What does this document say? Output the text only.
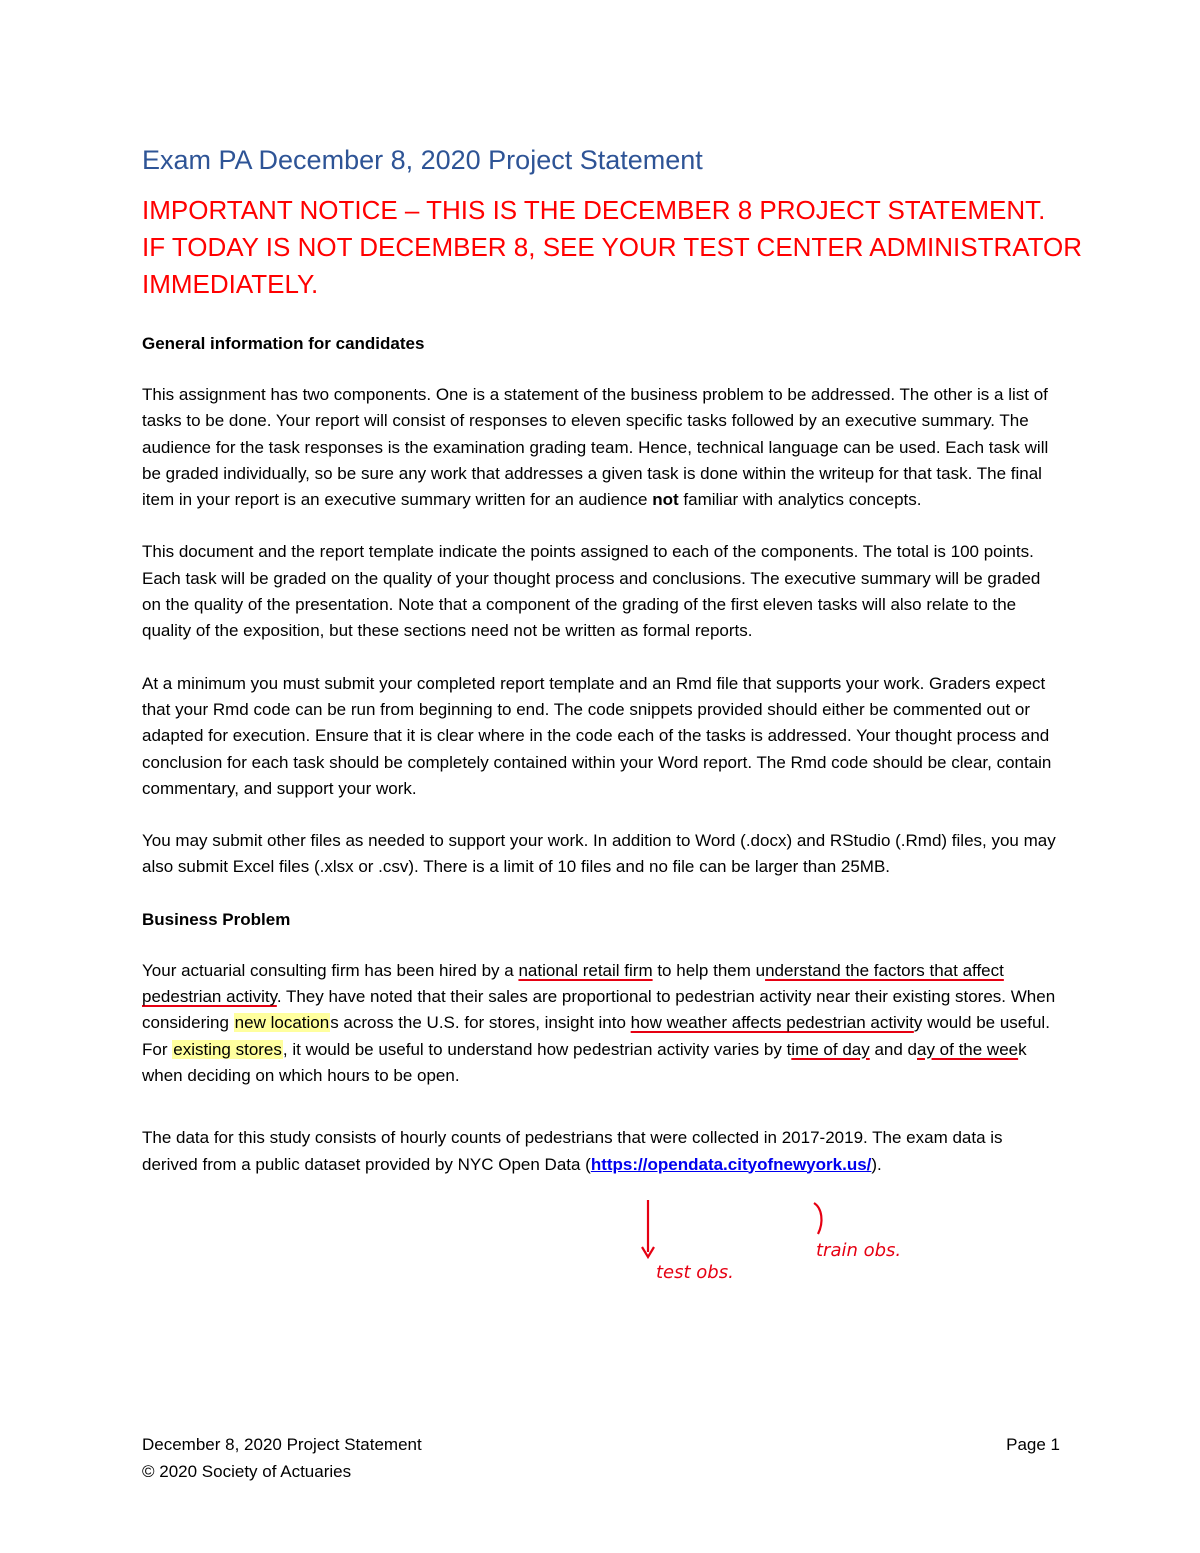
Exam PA December 8, 2020 Project Statement
IMPORTANT NOTICE – THIS IS THE DECEMBER 8 PROJECT STATEMENT.
IF TODAY IS NOT DECEMBER 8, SEE YOUR TEST CENTER ADMINISTRATOR
IMMEDIATELY.
General information for candidates

This assignment has two components. One is a statement of the business problem to be addressed. The other is a list of tasks to be done. Your report will consist of responses to eleven specific tasks followed by an executive summary. The audience for the task responses is the examination grading team. Hence, technical language can be used. Each task will be graded individually, so be sure any work that addresses a given task is done within the writeup for that task. The final item in your report is an executive summary written for an audience not familiar with analytics concepts.

This document and the report template indicate the points assigned to each of the components. The total is 100 points. Each task will be graded on the quality of your thought process and conclusions. The executive summary will be graded on the quality of the presentation. Note that a component of the grading of the first eleven tasks will also relate to the quality of the exposition, but these sections need not be written as formal reports.

At a minimum you must submit your completed report template and an Rmd file that supports your work. Graders expect that your Rmd code can be run from beginning to end. The code snippets provided should either be commented out or adapted for execution. Ensure that it is clear where in the code each of the tasks is addressed. Your thought process and conclusion for each task should be completely contained within your Word report. The Rmd code should be clear, contain commentary, and support your work.

You may submit other files as needed to support your work. In addition to Word (.docx) and RStudio (.Rmd) files, you may also submit Excel files (.xlsx or .csv). There is a limit of 10 files and no file can be larger than 25MB.

Business Problem

Your actuarial consulting firm has been hired by a national retail firm to help them understand the factors that affect pedestrian activity. They have noted that their sales are proportional to pedestrian activity near their existing stores. When considering new locations across the U.S. for stores, insight into how weather affects pedestrian activity would be useful. For existing stores, it would be useful to understand how pedestrian activity varies by time of day and day of the week when deciding on which hours to be open.

The data for this study consists of hourly counts of pedestrians that were collected in 2017-2019. The exam data is derived from a public dataset provided by NYC Open Data (https://opendata.cityofnewyork.us/).

test obs.
train obs.
December 8, 2020 Project Statement	Page 1
© 2020 Society of Actuaries
